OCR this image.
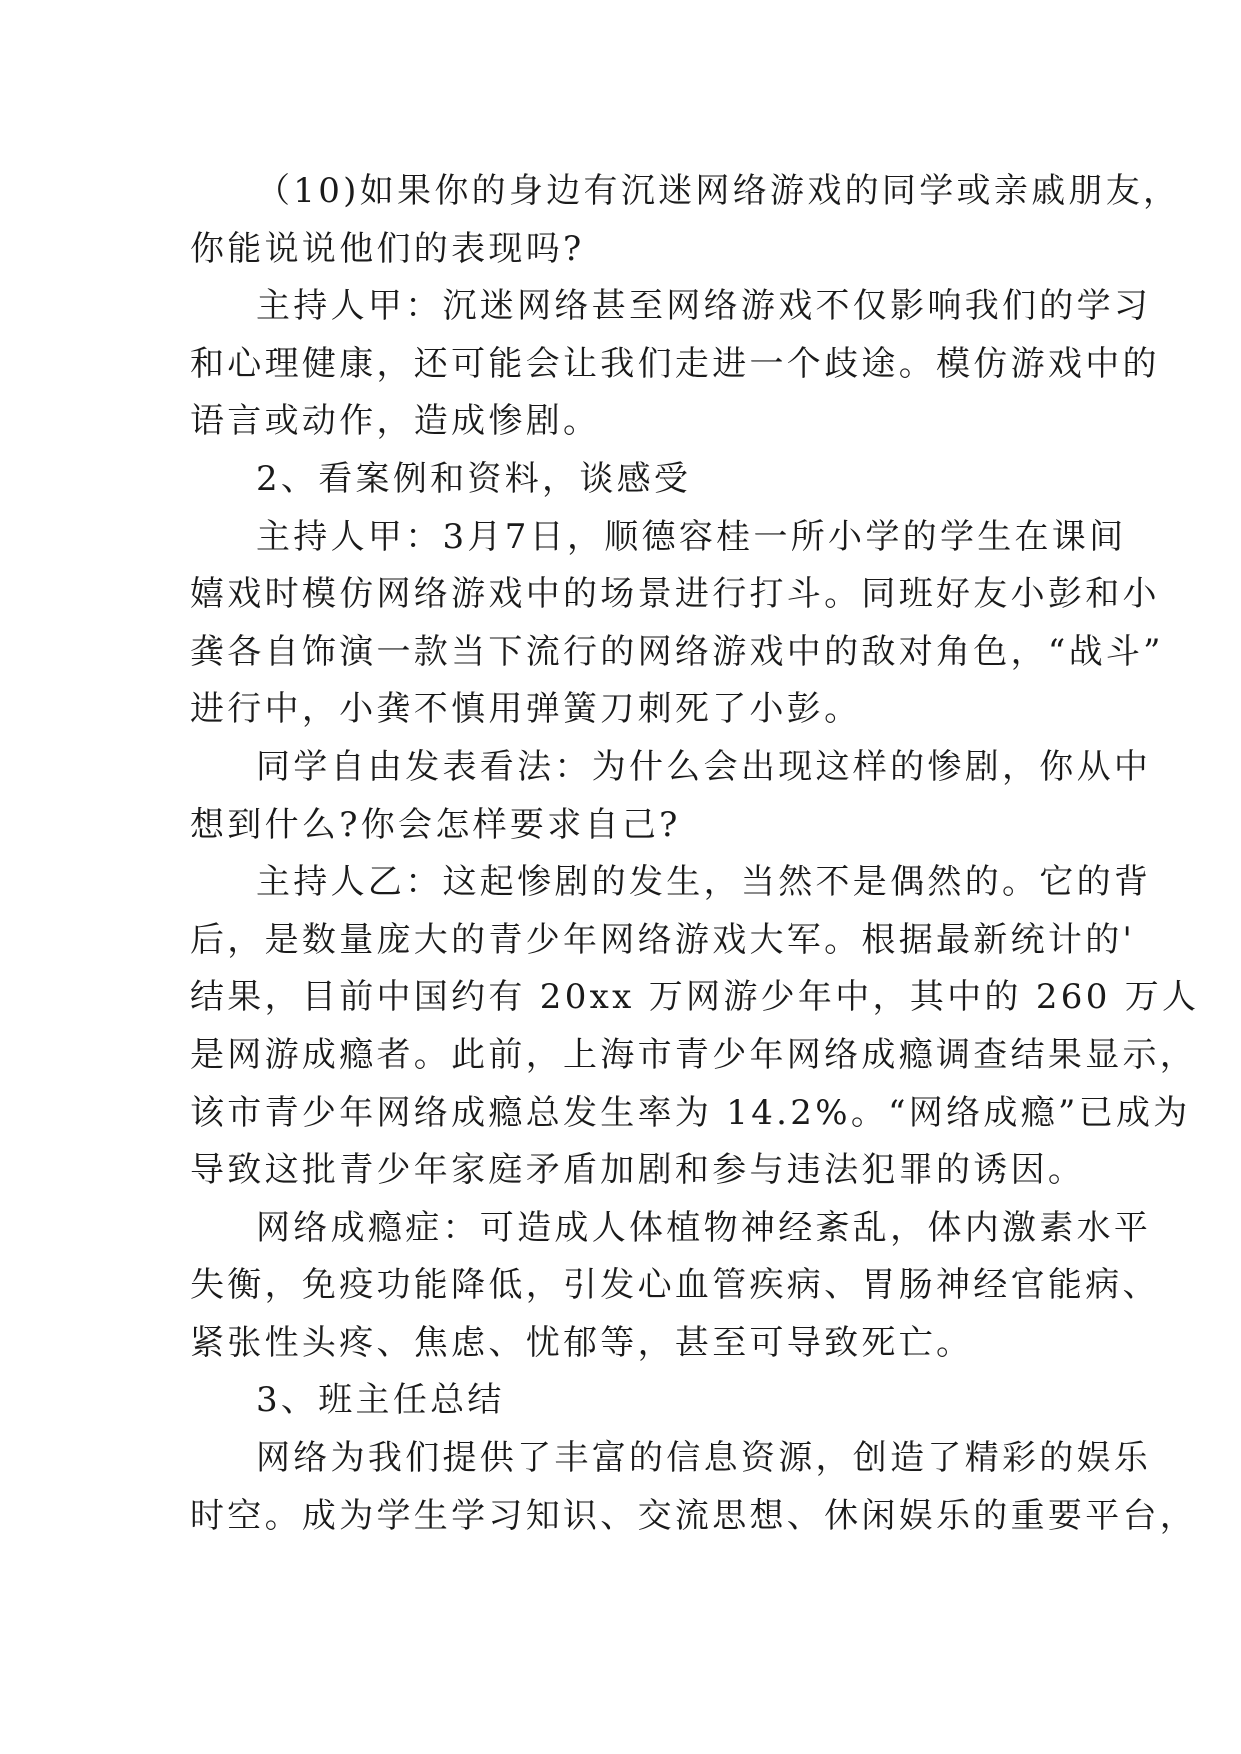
（10)如果你的身边有沉迷网络游戏的同学或亲戚朋友，
你能说说他们的表现吗?
主持人甲：沉迷网络甚至网络游戏不仅影响我们的学习
和心理健康，还可能会让我们走进一个歧途。模仿游戏中的
语言或动作，造成惨剧。
2、看案例和资料，谈感受
主持人甲：3月7日，顺德容桂一所小学的学生在课间
嬉戏时模仿网络游戏中的场景进行打斗。同班好友小彭和小
龚各自饰演一款当下流行的网络游戏中的敌对角色，“战斗”
进行中，小龚不慎用弹簧刀刺死了小彭。
同学自由发表看法：为什么会出现这样的惨剧，你从中
想到什么?你会怎样要求自己?
主持人乙：这起惨剧的发生，当然不是偶然的。它的背
后，是数量庞大的青少年网络游戏大军。根据最新统计的'
结果，目前中国约有 20xx 万网游少年中，其中的 260 万人
是网游成瘾者。此前，上海市青少年网络成瘾调查结果显示，
该市青少年网络成瘾总发生率为 14.2%。“网络成瘾”已成为
导致这批青少年家庭矛盾加剧和参与违法犯罪的诱因。
网络成瘾症：可造成人体植物神经紊乱，体内激素水平
失衡，免疫功能降低，引发心血管疾病、胃肠神经官能病、
紧张性头疼、焦虑、忧郁等，甚至可导致死亡。
3、班主任总结
网络为我们提供了丰富的信息资源，创造了精彩的娱乐
时空。成为学生学习知识、交流思想、休闲娱乐的重要平台，
